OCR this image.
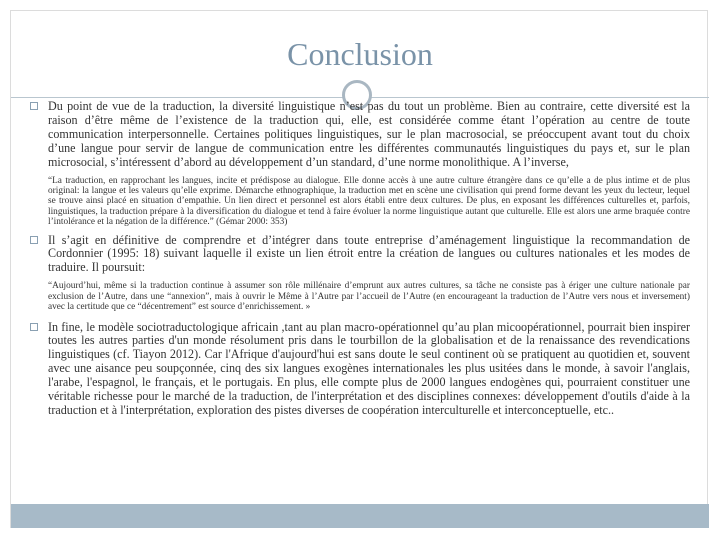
Conclusion
Du point de vue de la traduction, la diversité linguistique n’est pas du tout un problème. Bien au contraire, cette diversité est la raison d’être même de l’existence de la traduction qui, elle, est considérée comme étant l’opération au centre de toute communication interpersonnelle. Certaines politiques linguistiques, sur le plan macrosocial, se préoccupent avant tout du choix d’une langue pour servir de langue de communication entre les différentes communautés linguistiques du pays et, sur le plan microsocial, s’intéressent d’abord au développement d’un standard, d’une norme monolithique. A l’inverse,
“La traduction, en rapprochant les langues, incite et prédispose au dialogue. Elle donne accès à une autre culture étrangère dans ce qu’elle a de plus intime et de plus original: la langue et les valeurs qu’elle exprime. Démarche ethnographique, la traduction met en scène une civilisation qui prend forme devant les yeux du lecteur, lequel se trouve ainsi placé en situation d’empathie. Un lien direct et personnel est alors établi entre deux cultures. De plus, en exposant les différences culturelles et, parfois, linguistiques, la traduction prépare à la diversification du dialogue et tend à faire évoluer la norme linguistique autant que culturelle. Elle est alors une arme braquée contre l’intolérance et la négation de la différence.” (Gémar 2000: 353)
Il s’agit en définitive de comprendre et d’intégrer dans toute entreprise d’aménagement linguistique la recommandation de Cordonnier (1995: 18) suivant laquelle il existe un lien étroit entre la création de langues ou cultures nationales et les modes de traduire. Il poursuit:
“Aujourd’hui, même si la traduction continue à assumer son rôle millénaire d’emprunt aux autres cultures, sa tâche ne consiste pas à ériger une culture nationale par exclusion de l’Autre, dans une “annexion”, mais à ouvrir le Même à l’Autre par l’accueil de l’Autre (en encourageant la traduction de l’Autre vers nous et inversement) avec la certitude que ce “décentrement” est source d’enrichissement. »
In fine, le modèle sociotraductologique africain ,tant au plan macro-opérationnel qu’au plan micoopérationnel, pourrait bien inspirer toutes les autres parties d'un monde résolument pris dans le tourbillon de la globalisation et de la renaissance des revendications linguistiques (cf. Tiayon 2012). Car l'Afrique d'aujourd'hui est sans doute le seul continent où se pratiquent au quotidien et, souvent avec une aisance peu soupçonnée, cinq des six langues exogènes internationales les plus usitées dans le monde, à savoir l'anglais, l'arabe, l'espagnol, le français, et le portugais. En plus, elle compte plus de 2000 langues endogènes qui, pourraient constituer une véritable richesse pour le marché de la traduction, de l'interprétation et des disciplines connexes: développement d'outils d'aide à la traduction et à l'interprétation, exploration des pistes diverses de coopération interculturelle et interconceptuelle, etc..
